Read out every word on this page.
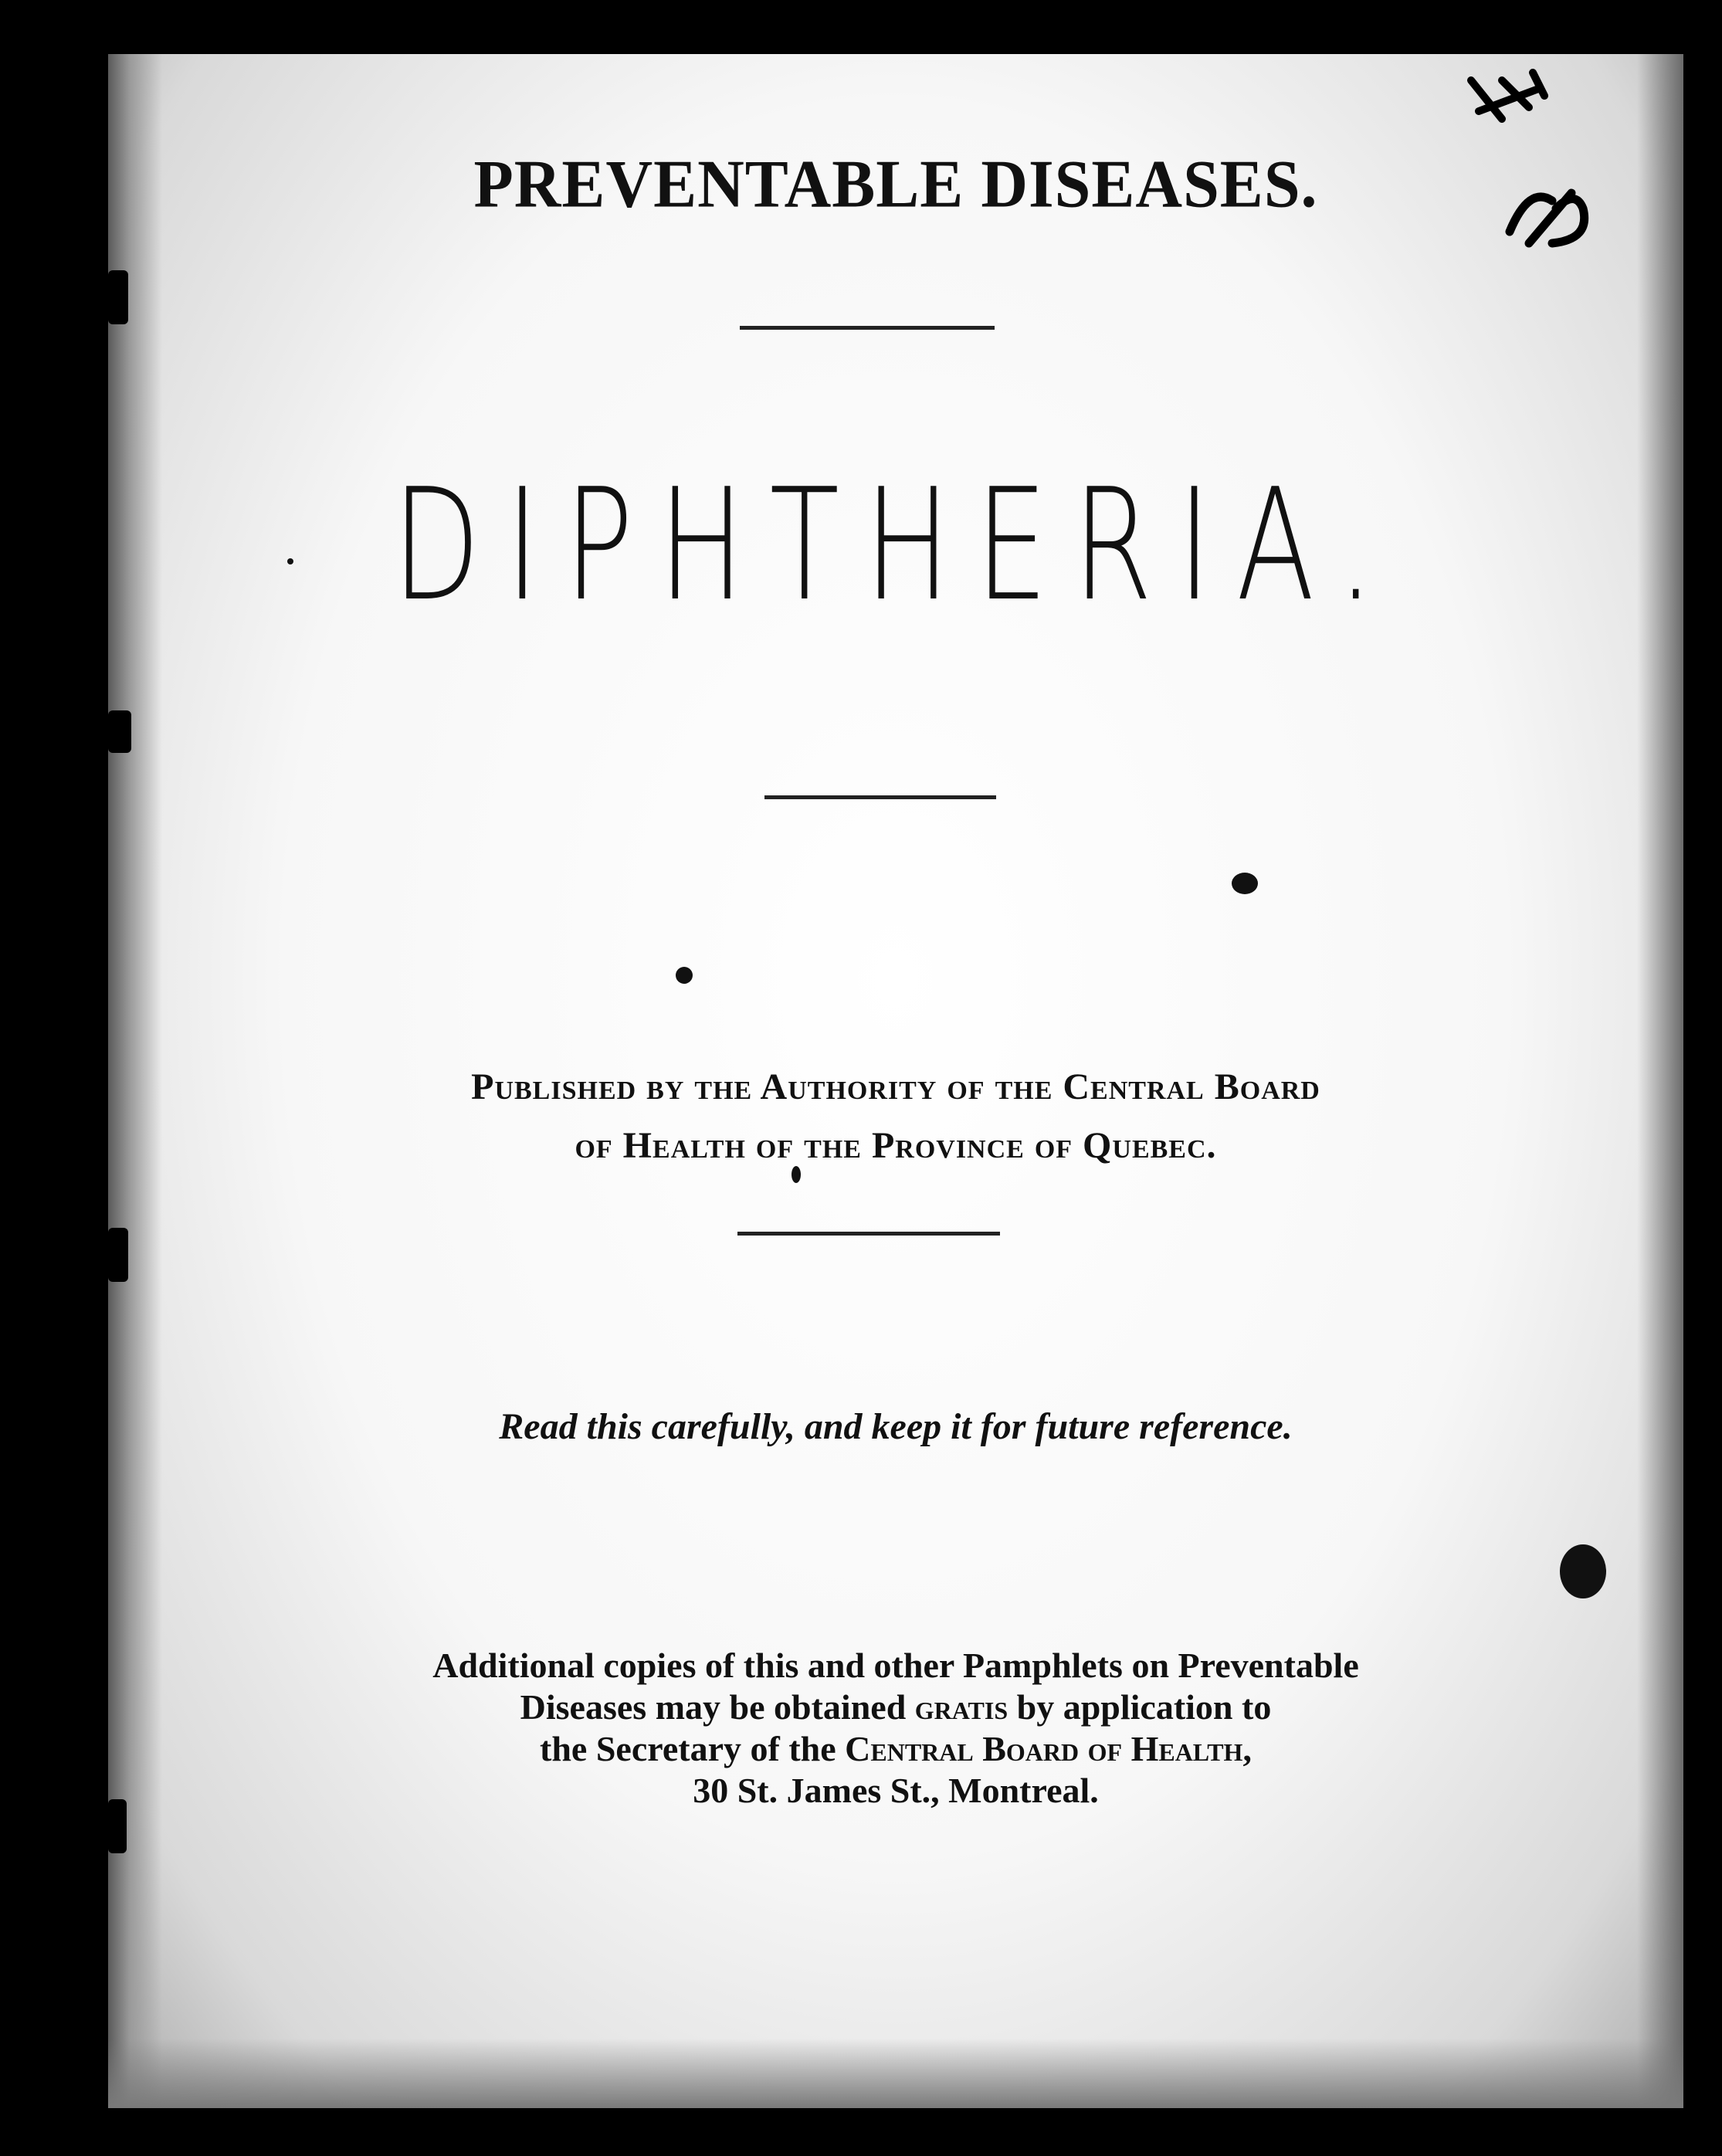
PREVENTABLE DISEASES.
DIPHTHERIA.
Published by the Authority of the Central Board
of Health of the Province of Quebec.
Read this carefully, and keep it for future reference.
Additional copies of this and other Pamphlets on Preventable
Diseases may be obtained gratis by application to
the Secretary of the Central Board of Health,
30 St. James St., Montreal.
